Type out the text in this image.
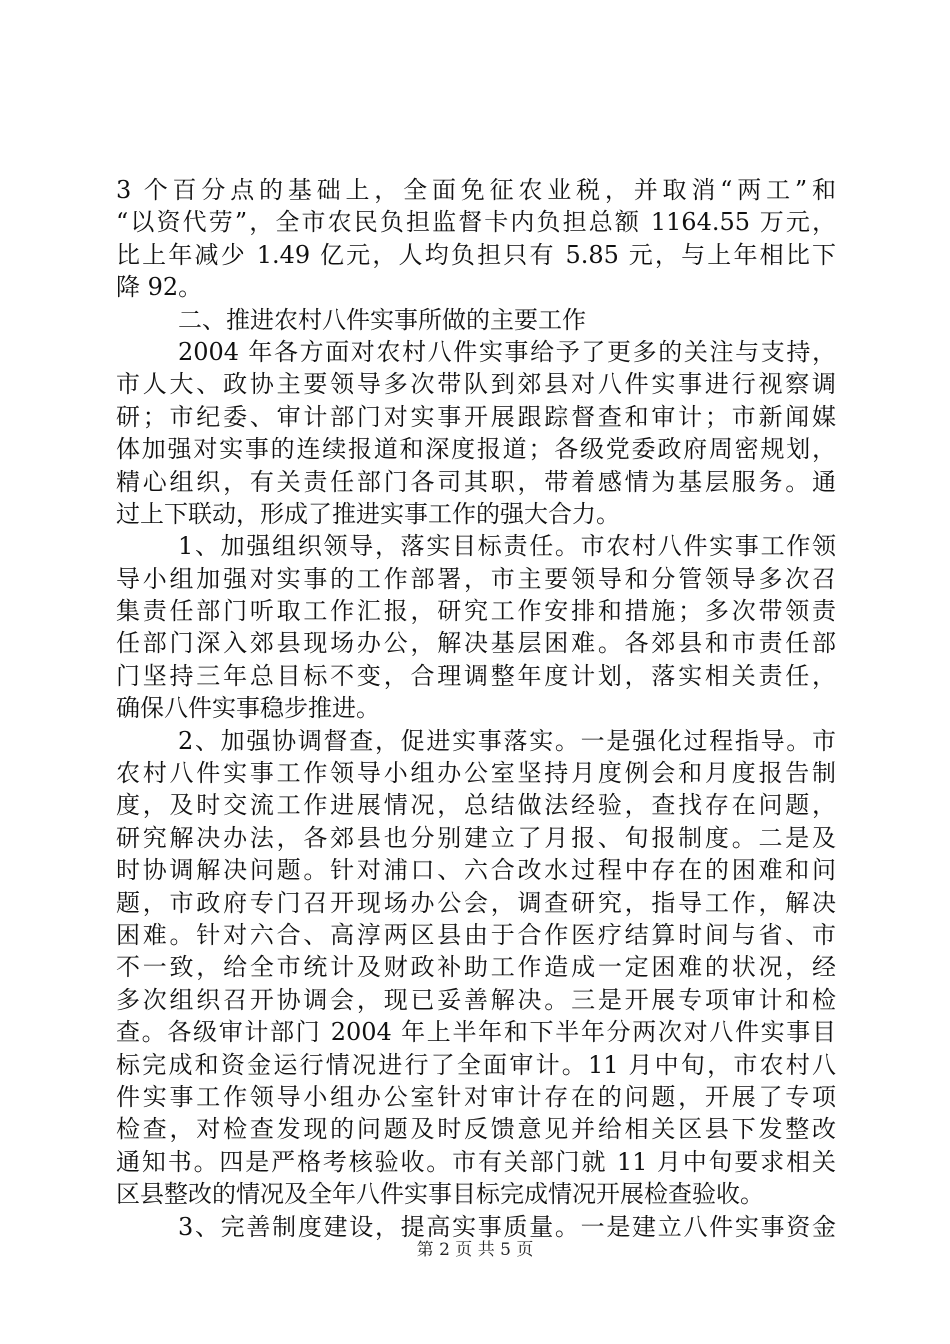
3 个百分点的基础上，全面免征农业税，并取消“两工”和
“以资代劳”，全市农民负担监督卡内负担总额 1164.55 万元，
比上年减少 1.49 亿元，人均负担只有 5.85 元，与上年相比下
降 92。
二、推进农村八件实事所做的主要工作
2004 年各方面对农村八件实事给予了更多的关注与支持，
市人大、政协主要领导多次带队到郊县对八件实事进行视察调
研；市纪委、审计部门对实事开展跟踪督查和审计；市新闻媒
体加强对实事的连续报道和深度报道；各级党委政府周密规划，
精心组织，有关责任部门各司其职，带着感情为基层服务。通
过上下联动，形成了推进实事工作的强大合力。
1、加强组织领导，落实目标责任。市农村八件实事工作领
导小组加强对实事的工作部署，市主要领导和分管领导多次召
集责任部门听取工作汇报，研究工作安排和措施；多次带领责
任部门深入郊县现场办公，解决基层困难。各郊县和市责任部
门坚持三年总目标不变，合理调整年度计划，落实相关责任，
确保八件实事稳步推进。
2、加强协调督查，促进实事落实。一是强化过程指导。市
农村八件实事工作领导小组办公室坚持月度例会和月度报告制
度，及时交流工作进展情况，总结做法经验，查找存在问题，
研究解决办法，各郊县也分别建立了月报、旬报制度。二是及
时协调解决问题。针对浦口、六合改水过程中存在的困难和问
题，市政府专门召开现场办公会，调查研究，指导工作，解决
困难。针对六合、高淳两区县由于合作医疗结算时间与省、市
不一致，给全市统计及财政补助工作造成一定困难的状况，经
多次组织召开协调会，现已妥善解决。三是开展专项审计和检
查。各级审计部门 2004 年上半年和下半年分两次对八件实事目
标完成和资金运行情况进行了全面审计。11 月中旬，市农村八
件实事工作领导小组办公室针对审计存在的问题，开展了专项
检查，对检查发现的问题及时反馈意见并给相关区县下发整改
通知书。四是严格考核验收。市有关部门就 11 月中旬要求相关
区县整改的情况及全年八件实事目标完成情况开展检查验收。
3、完善制度建设，提高实事质量。一是建立八件实事资金
第 2 页 共 5 页
